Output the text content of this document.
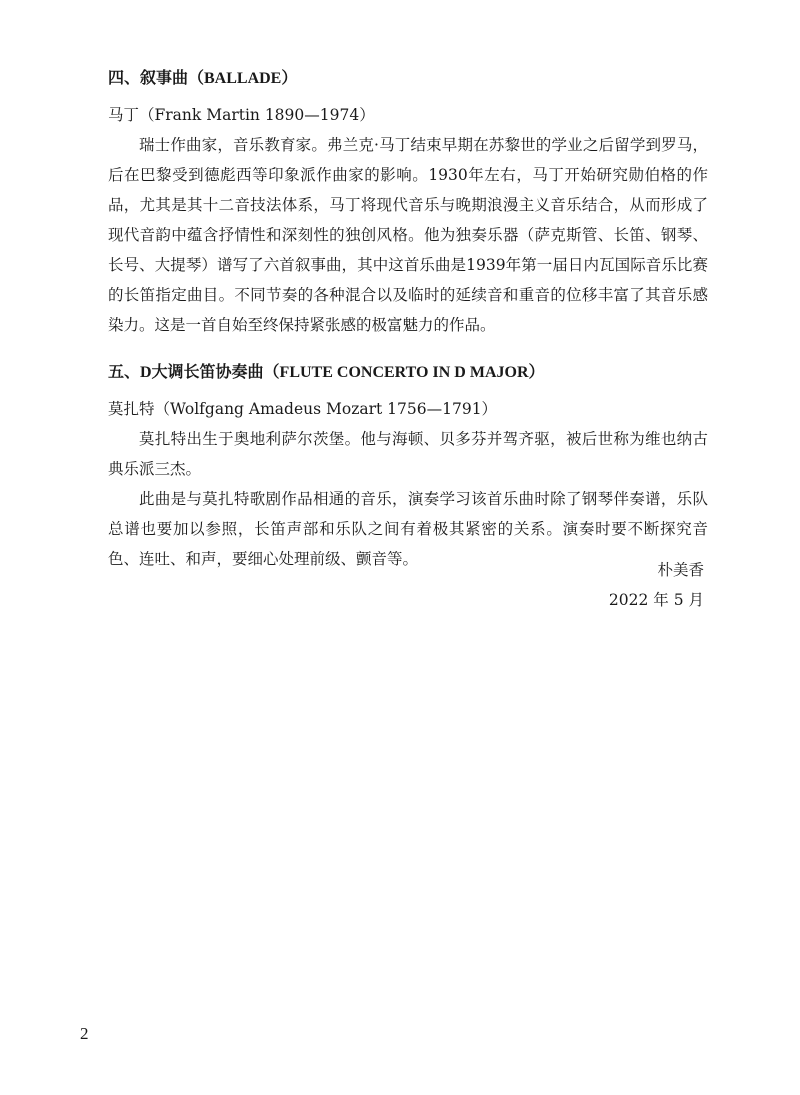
四、叙事曲（BALLADE）

马丁（Frank Martin 1890—1974）

瑞士作曲家，音乐教育家。弗兰克·马丁结束早期在苏黎世的学业之后留学到罗马，后在巴黎受到德彪西等印象派作曲家的影响。1930年左右，马丁开始研究勋伯格的作品，尤其是其十二音技法体系，马丁将现代音乐与晚期浪漫主义音乐结合，从而形成了现代音韵中蕴含抒情性和深刻性的独创风格。他为独奏乐器（萨克斯管、长笛、钢琴、长号、大提琴）谱写了六首叙事曲，其中这首乐曲是1939年第一届日内瓦国际音乐比赛的长笛指定曲目。不同节奏的各种混合以及临时的延续音和重音的位移丰富了其音乐感染力。这是一首自始至终保持紧张感的极富魅力的作品。

五、D大调长笛协奏曲（FLUTE CONCERTO IN D MAJOR）

莫扎特（Wolfgang Amadeus Mozart 1756—1791）

莫扎特出生于奥地利萨尔茨堡。他与海顿、贝多芬并驾齐驱，被后世称为维也纳古典乐派三杰。

此曲是与莫扎特歌剧作品相通的音乐，演奏学习该首乐曲时除了钢琴伴奏谱，乐队总谱也要加以参照，长笛声部和乐队之间有着极其紧密的关系。演奏时要不断探究音色、连吐、和声，要细心处理前级、颤音等。

朴美香
2022 年 5 月
2
